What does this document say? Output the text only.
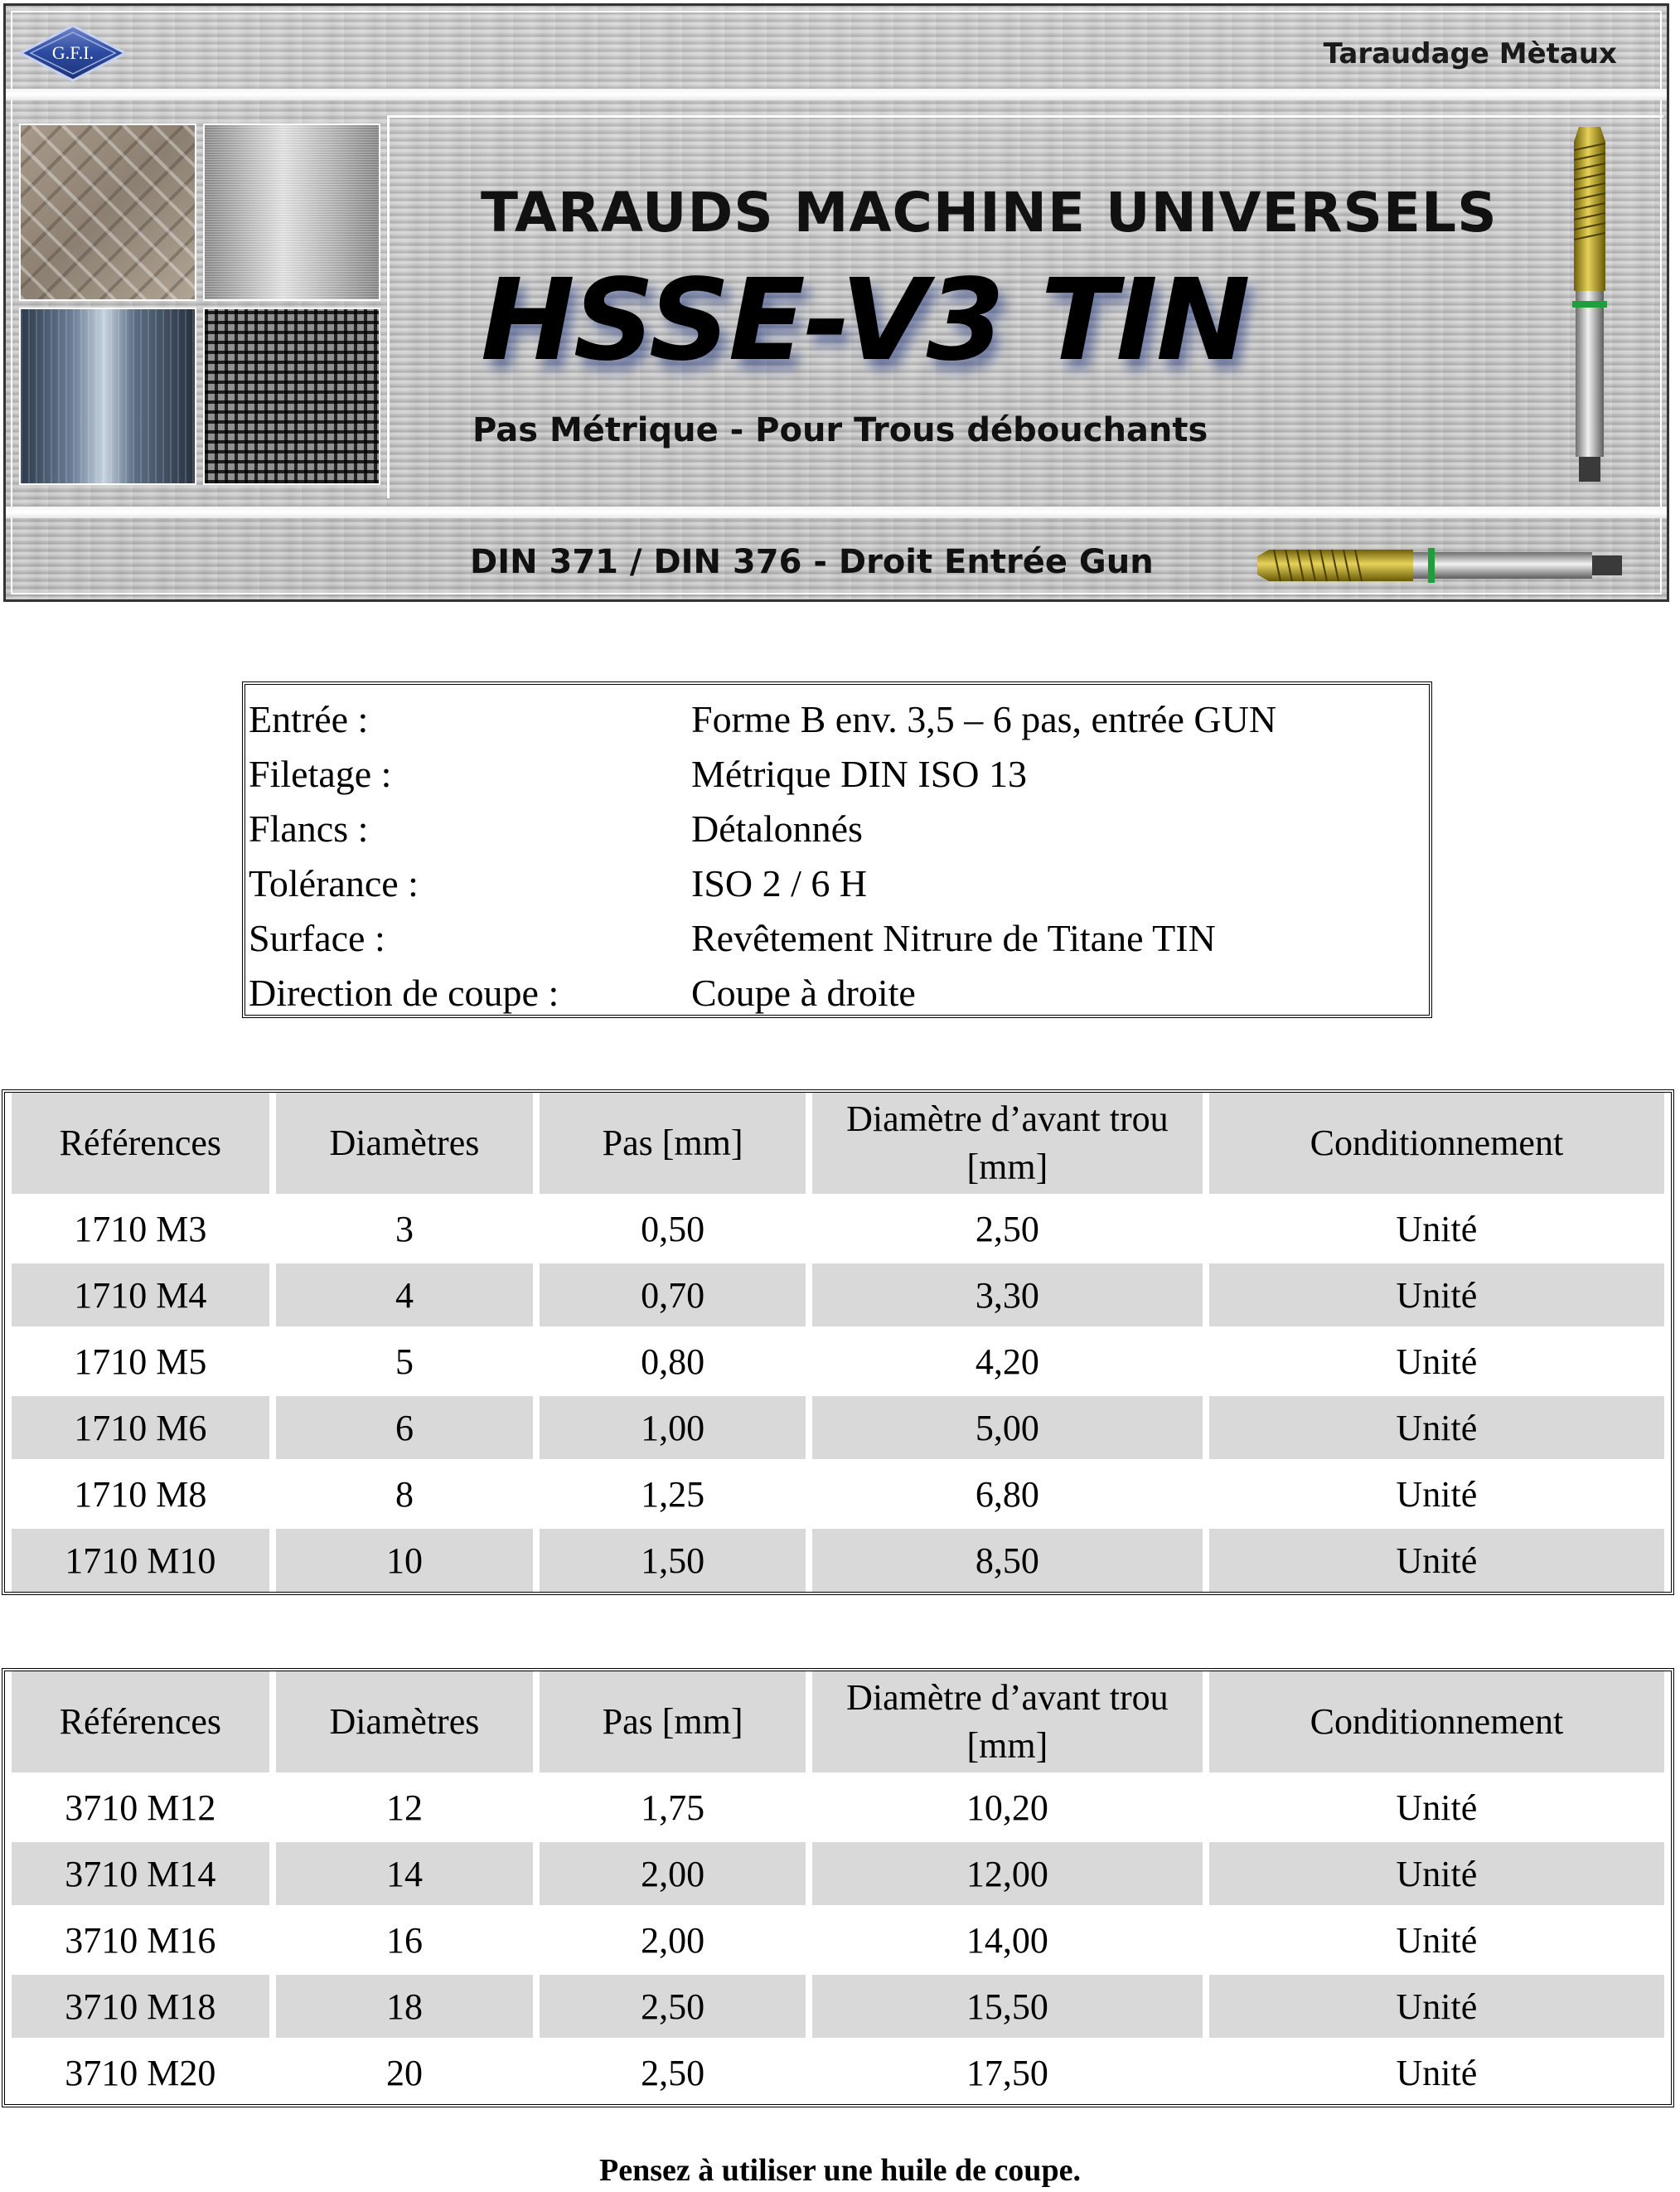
G.F.I.	Taraudage Mètaux
TARAUDS MACHINE UNIVERSELS
HSSE-V3 TIN
Pas Métrique - Pour Trous débouchants
DIN 371 / DIN 376 - Droit Entrée Gun
Entrée :	Forme B env. 3,5 – 6 pas, entrée GUN
Filetage :	Métrique DIN ISO 13
Flancs :	Détalonnés
Tolérance :	ISO 2 / 6 H
Surface :	Revêtement Nitrure de Titane TIN
Direction de coupe :	Coupe à droite
Références	Diamètres	Pas [mm]	Diamètre d’avant trou [mm]	Conditionnement
1710 M3	3	0,50	2,50	Unité
1710 M4	4	0,70	3,30	Unité
1710 M5	5	0,80	4,20	Unité
1710 M6	6	1,00	5,00	Unité
1710 M8	8	1,25	6,80	Unité
1710 M10	10	1,50	8,50	Unité
Références	Diamètres	Pas [mm]	Diamètre d’avant trou [mm]	Conditionnement
3710 M12	12	1,75	10,20	Unité
3710 M14	14	2,00	12,00	Unité
3710 M16	16	2,00	14,00	Unité
3710 M18	18	2,50	15,50	Unité
3710 M20	20	2,50	17,50	Unité
Pensez à utiliser une huile de coupe.
